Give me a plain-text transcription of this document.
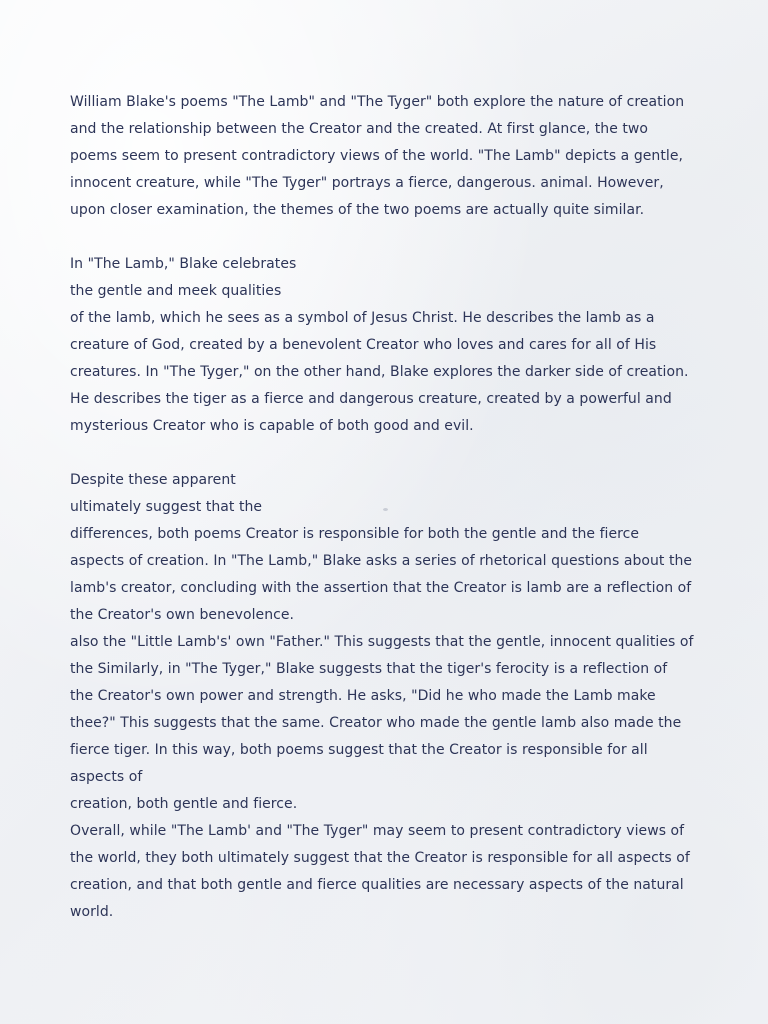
William Blake's poems "The Lamb" and "The Tyger" both explore the nature of creation
and the relationship between the Creator and the created. At first glance, the two
poems seem to present contradictory views of the world. "The Lamb" depicts a gentle,
innocent creature, while "The Tyger" portrays a fierce, dangerous. animal. However,
upon closer examination, the themes of the two poems are actually quite similar.
In "The Lamb," Blake celebrates
the gentle and meek qualities
of the lamb, which he sees as a symbol of Jesus Christ. He describes the lamb as a
creature of God, created by a benevolent Creator who loves and cares for all of His
creatures. In "The Tyger," on the other hand, Blake explores the darker side of creation.
He describes the tiger as a fierce and dangerous creature, created by a powerful and
mysterious Creator who is capable of both good and evil.
Despite these apparent
ultimately suggest that the
differences, both poems Creator is responsible for both the gentle and the fierce
aspects of creation. In "The Lamb," Blake asks a series of rhetorical questions about the
lamb's creator, concluding with the assertion that the Creator is lamb are a reflection of
the Creator's own benevolence.
also the "Little Lamb's' own "Father." This suggests that the gentle, innocent qualities of
the Similarly, in "The Tyger," Blake suggests that the tiger's ferocity is a reflection of
the Creator's own power and strength. He asks, "Did he who made the Lamb make
thee?" This suggests that the same. Creator who made the gentle lamb also made the
fierce tiger. In this way, both poems suggest that the Creator is responsible for all
aspects of
creation, both gentle and fierce.
Overall, while "The Lamb' and "The Tyger" may seem to present contradictory views of
the world, they both ultimately suggest that the Creator is responsible for all aspects of
creation, and that both gentle and fierce qualities are necessary aspects of the natural
world.
